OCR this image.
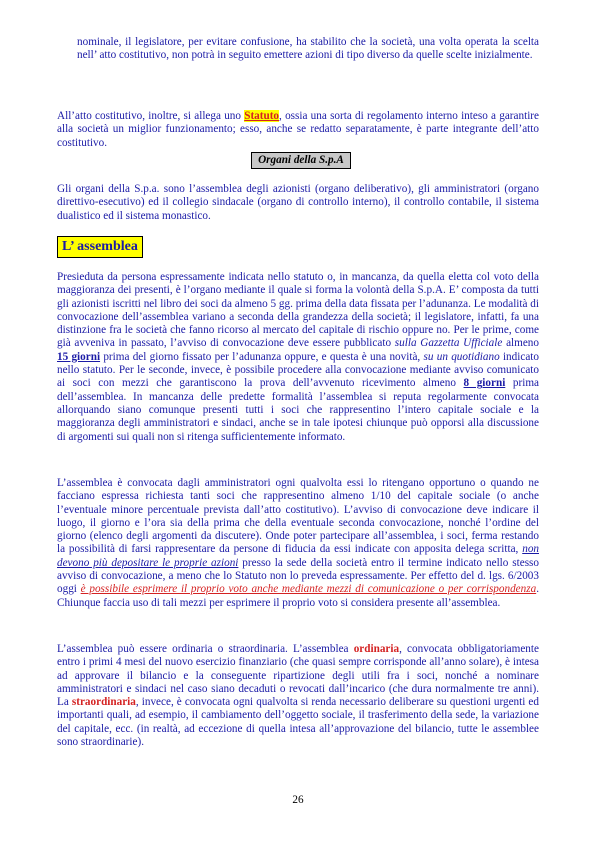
nominale, il legislatore, per evitare confusione, ha stabilito che la società, una volta operata la scelta nell’ atto costitutivo, non potrà in seguito emettere azioni di tipo diverso da quelle scelte inizialmente.

All’atto costitutivo, inoltre, si allega uno Statuto, ossia una sorta di regolamento interno inteso a garantire alla società un miglior funzionamento; esso, anche se redatto separatamente, è parte integrante dell’atto costitutivo.

Organi della S.p.A

Gli organi della S.p.a. sono l’assemblea degli azionisti (organo deliberativo), gli amministratori (organo direttivo-esecutivo) ed il collegio sindacale (organo di controllo interno), il controllo contabile, il sistema dualistico ed il sistema monastico.

L’ assemblea

Presieduta da persona espressamente indicata nello statuto o, in mancanza, da quella eletta col voto della maggioranza dei presenti, è l’organo mediante il quale si forma la volontà della S.p.A. E’ composta da tutti gli azionisti iscritti nel libro dei soci da almeno 5 gg. prima della data fissata per l’adunanza. Le modalità di convocazione dell’assemblea variano a seconda della grandezza della società; il legislatore, infatti, fa una distinzione fra le società che fanno ricorso al mercato del capitale di rischio oppure no. Per le prime, come già avveniva in passato, l’avviso di convocazione deve essere pubblicato sulla Gazzetta Ufficiale almeno 15 giorni prima del giorno fissato per l’adunanza oppure, e questa è una novità, su un quotidiano indicato nello statuto. Per le seconde, invece, è possibile procedere alla convocazione mediante avviso comunicato ai soci con mezzi che garantiscono la prova dell’avvenuto ricevimento almeno 8 giorni prima dell’assemblea. In mancanza delle predette formalità l’assemblea si reputa regolarmente convocata allorquando siano comunque presenti tutti i soci che rappresentino l’intero capitale sociale e la maggioranza degli amministratori e sindaci, anche se in tale ipotesi chiunque può opporsi alla discussione di argomenti sui quali non si ritenga sufficientemente informato.

L’assemblea è convocata dagli amministratori ogni qualvolta essi lo ritengano opportuno o quando ne facciano espressa richiesta tanti soci che rappresentino almeno 1/10 del capitale sociale (o anche l’eventuale minore percentuale prevista dall’atto costitutivo). L’avviso di convocazione deve indicare il luogo, il giorno e l’ora sia della prima che della eventuale seconda convocazione, nonché l’ordine del giorno (elenco degli argomenti da discutere). Onde poter partecipare all’assemblea, i soci, ferma restando la possibilità di farsi rappresentare da persone di fiducia da essi indicate con apposita delega scritta, non devono più depositare le proprie azioni presso la sede della società entro il termine indicato nello stesso avviso di convocazione, a meno che lo Statuto non lo preveda espressamente. Per effetto del d. lgs. 6/2003 oggi è possibile esprimere il proprio voto anche mediante mezzi di comunicazione o per corrispondenza. Chiunque faccia uso di tali mezzi per esprimere il proprio voto si considera presente all’assemblea.

L’assemblea può essere ordinaria o straordinaria. L’assemblea ordinaria, convocata obbligatoriamente entro i primi 4 mesi del nuovo esercizio finanziario (che quasi sempre corrisponde all’anno solare), è intesa ad approvare il bilancio e la conseguente ripartizione degli utili fra i soci, nonché a nominare amministratori e sindaci nel caso siano decaduti o revocati dall’incarico (che dura normalmente tre anni). La straordinaria, invece, è convocata ogni qualvolta si renda necessario deliberare su questioni urgenti ed importanti quali, ad esempio, il cambiamento dell’oggetto sociale, il trasferimento della sede, la variazione del capitale, ecc. (in realtà, ad eccezione di quella intesa all’approvazione del bilancio, tutte le assemblee sono straordinarie).

26
